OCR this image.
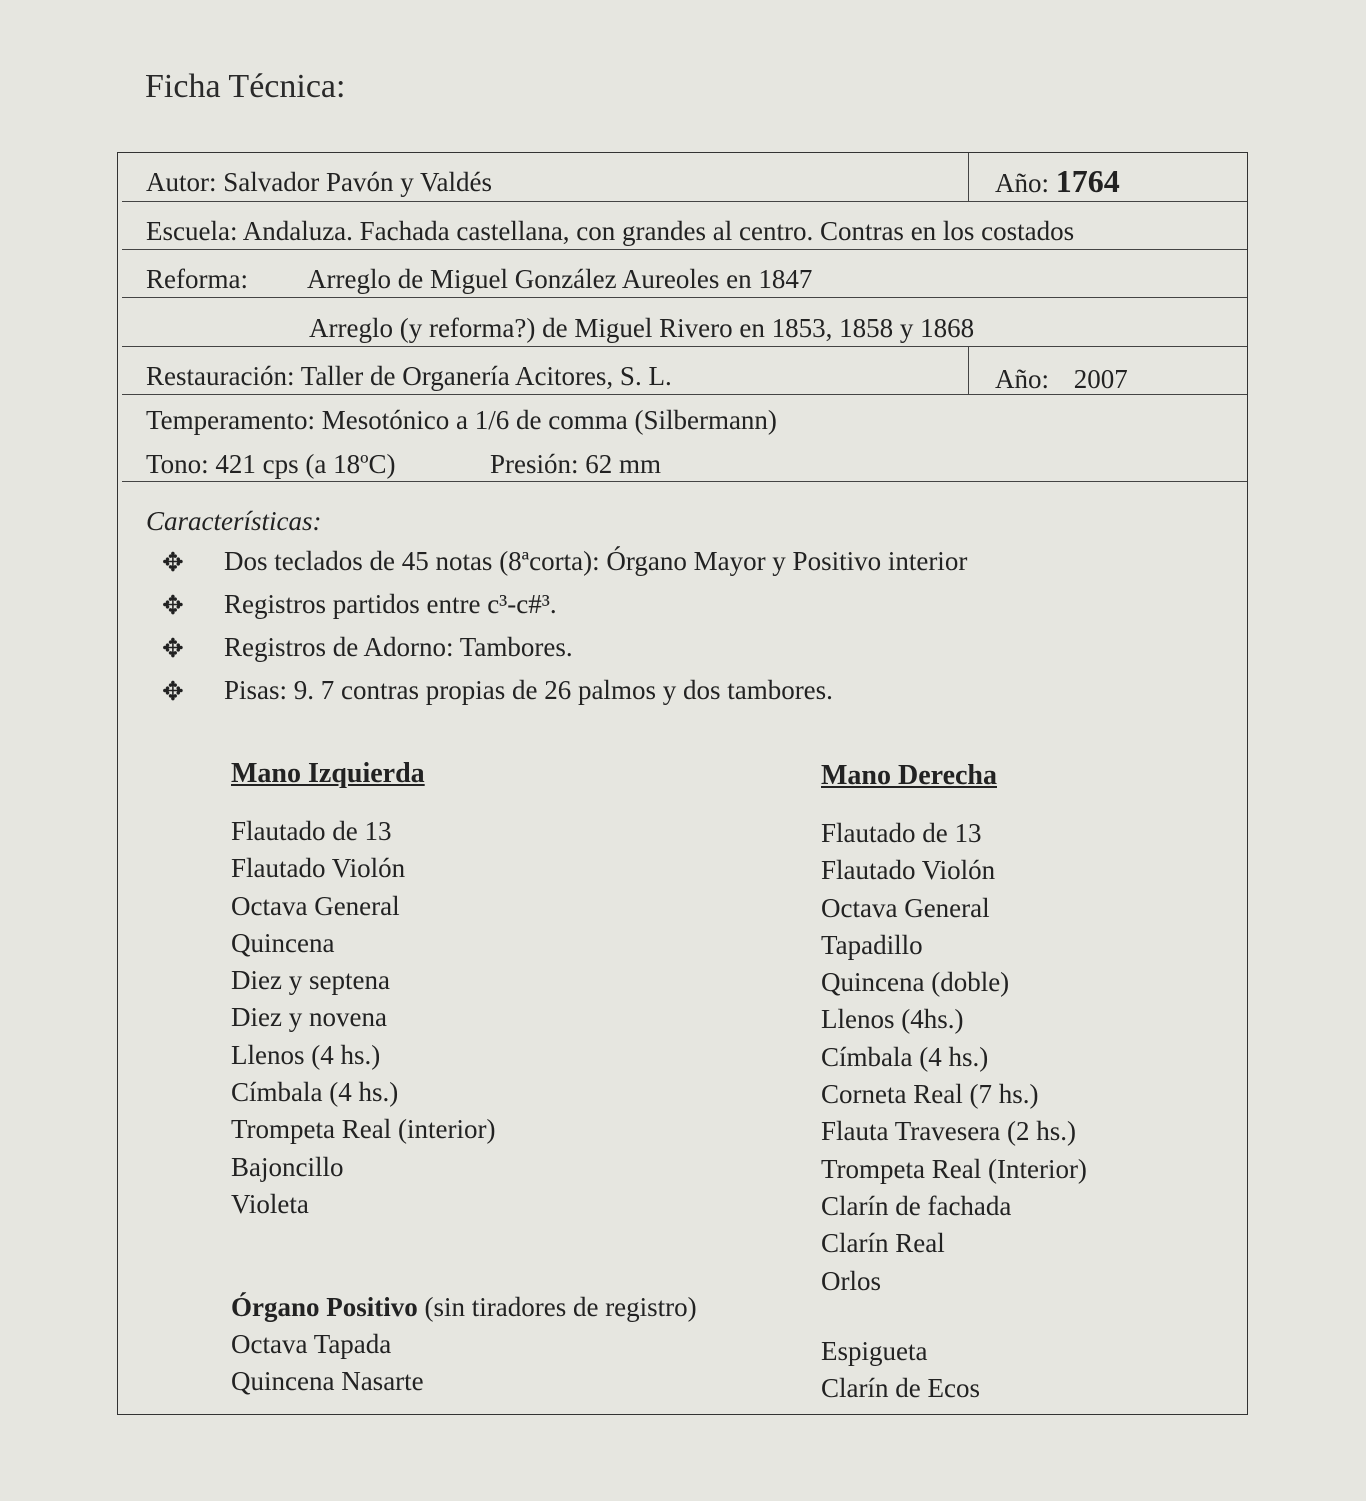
Ficha Técnica:
Autor: Salvador Pavón y Valdés	Año: 1764
Escuela: Andaluza. Fachada castellana, con grandes al centro. Contras en los costados
Reforma: Arreglo de Miguel González Aureoles en 1847
Arreglo (y reforma?) de Miguel Rivero en 1853, 1858 y 1868
Restauración: Taller de Organería Acitores, S. L.	Año: 2007
Temperamento: Mesotónico a 1/6 de comma (Silbermann)
Tono: 421 cps (a 18ºC)	Presión: 62 mm
Características:
✥ Dos teclados de 45 notas (8ªcorta): Órgano Mayor y Positivo interior
✥ Registros partidos entre c³-c#³.
✥ Registros de Adorno: Tambores.
✥ Pisas: 9. 7 contras propias de 26 palmos y dos tambores.
Mano Izquierda
Flautado de 13
Flautado Violón
Octava General
Quincena
Diez y septena
Diez y novena
Llenos (4 hs.)
Címbala (4 hs.)
Trompeta Real (interior)
Bajoncillo
Violeta
Mano Derecha
Flautado de 13
Flautado Violón
Octava General
Tapadillo
Quincena (doble)
Llenos (4hs.)
Címbala (4 hs.)
Corneta Real (7 hs.)
Flauta Travesera (2 hs.)
Trompeta Real (Interior)
Clarín de fachada
Clarín Real
Orlos
Órgano Positivo (sin tiradores de registro)
Octava Tapada
Quincena Nasarte
Espigueta
Clarín de Ecos
